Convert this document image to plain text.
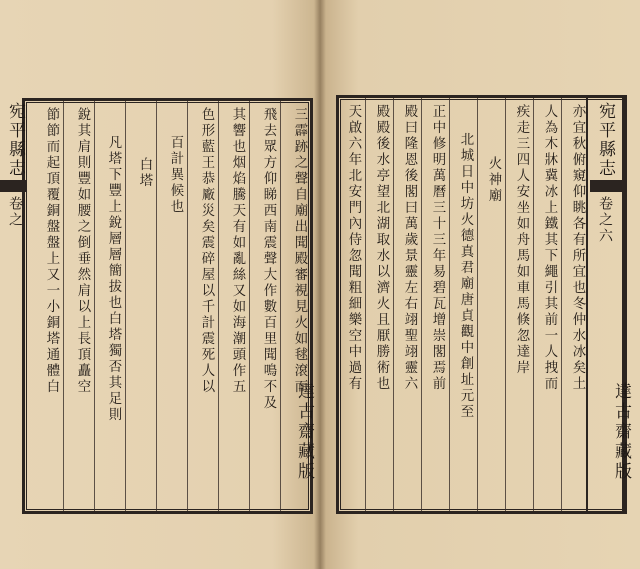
三霹跡之聲自廟出聞殿審視見火如毬滾而
飛去眾方仰睇西南震聲大作數百里聞鳴不及
其響也烟焰騰天有如亂絲又如海潮頭作五
色形藍王恭廠災矣震碎屋以千計震死人以
百計異候也
白塔
凡塔下豐上銳層層簡拔也白塔獨否其足則
銳其肩則豐如腰之倒垂然肩以上長頂矗空
節節而起頂覆銅盤盤上又一小銅塔通體白
宛平縣志
卷之
達古齋藏版
亦宜秋俯窺仰眺各有所宜也冬仲水冰矣土
人為木牀冀冰上鐵其下繩引其前一人拽而
疾走三四人安坐如舟馬如車馬倏忽達岸
火神廟
北城日中坊火德真君廟唐貞觀中創址元至
正中修明萬曆三十三年易碧瓦增崇閣焉前
殿曰隆恩後閣曰萬歲景靈左右翊聖翊靈六
殿殿後水亭望北湖取水以濟火且厭勝術也
天啟六年北安門內侍忽聞粗細樂空中過有	宛平縣志
卷之六
達古齋藏版
